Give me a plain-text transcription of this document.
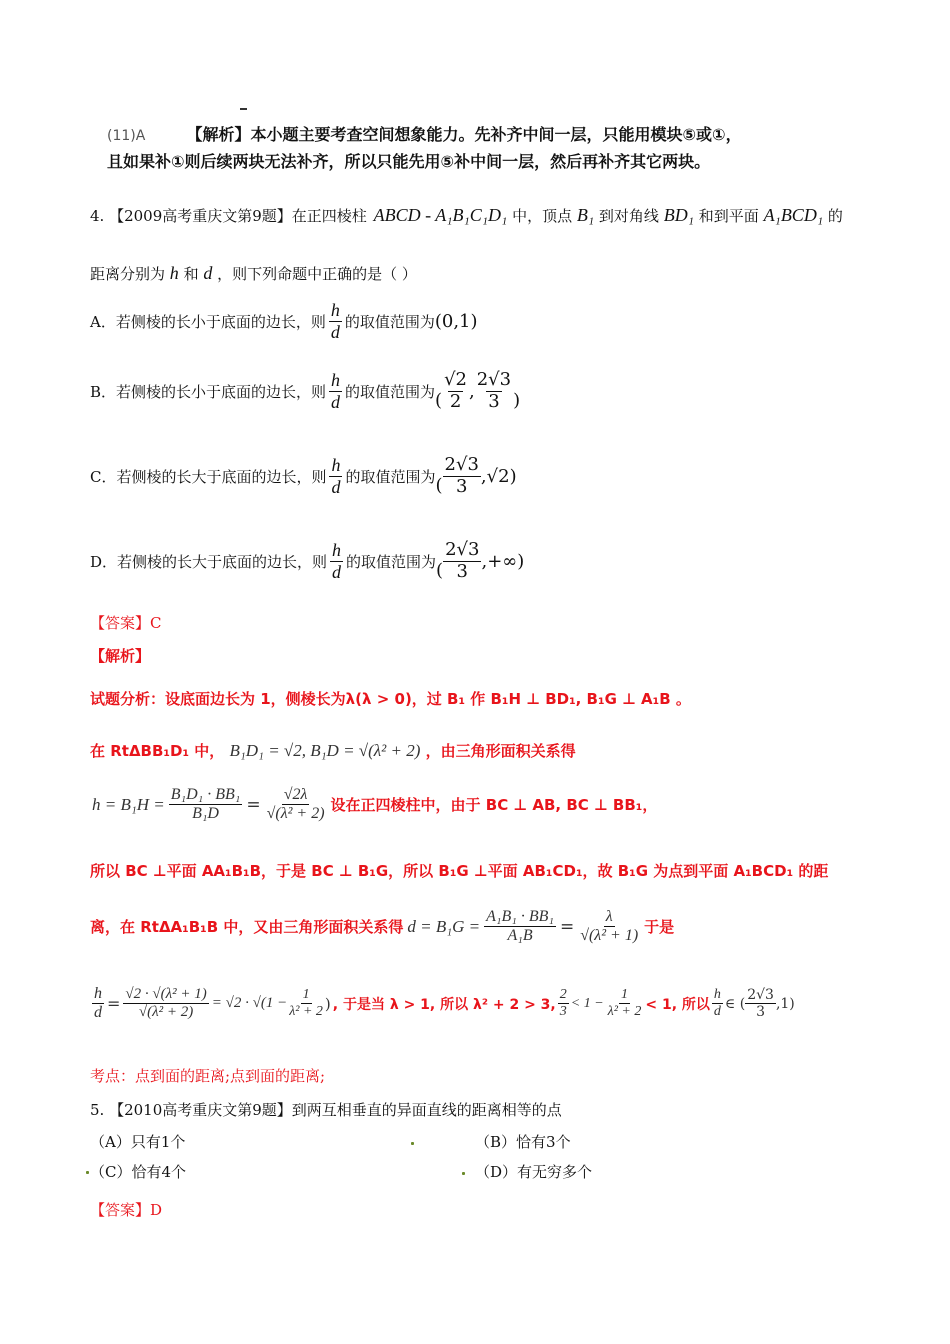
(11)A	【解析】本小题主要考查空间想象能力。先补齐中间一层，只能用模块⑤或①，
且如果补①则后续两块无法补齐，所以只能先用⑤补中间一层，然后再补齐其它两块。
4. 【2009高考重庆文第9题】在正四棱柱 ABCD - A₁B₁C₁D₁ 中，顶点 B₁ 到对角线 BD₁ 和到平面 A₁BCD₁ 的
距离分别为 h 和 d ，则下列命题中正确的是（ ）
A．若侧棱的长小于底面的边长，则 $\frac{h}{d}$ 的取值范围为 (0,1)
B．若侧棱的长小于底面的边长，则 $\frac{h}{d}$ 的取值范围为 ( $\frac{√2}{2}$ , $\frac{2√3}{3}$ )
C．若侧棱的长大于底面的边长，则 $\frac{h}{d}$ 的取值范围为 ( $\frac{2√3}{3}$ , √2)
D．若侧棱的长大于底面的边长，则 $\frac{h}{d}$ 的取值范围为 ( $\frac{2√3}{3}$ , +∞)
【答案】C
【解析】
试题分析：设底面边长为 1，侧棱长为λ(λ > 0)，过 B₁ 作 B₁H ⊥ BD₁, B₁G ⊥ A₁B 。
在 RtΔBB₁D₁ 中， B₁D₁ = √2, B₁D = √(λ² + 2) ，由三角形面积关系得
$h = B_1H = \frac{\text{B₁D₁ · BB₁}}{\text{B₁D}} = \frac{√2\lambda}{\text{√(λ² + 2)}}$ 设在正四棱柱中，由于 BC ⊥ AB, BC ⊥ BB₁，
所以 BC ⊥平面 AA₁B₁B，于是 BC ⊥ B₁G，所以 B₁G ⊥平面 AB₁CD₁，故 B₁G 为点到平面 A₁BCD₁ 的距
离，在 RtΔA₁B₁B 中，又由三角形面积关系得 $d = B_1G = \frac{\text{A₁B₁ · BB₁}}{\text{A₁B}} = \frac{\lambda}{\text{√(λ² + 1)}}$ 于是
$\frac{h}{d} = \frac{\text{√2 · √(λ² + 1)}}{\text{√(λ² + 2)}} = √2 \cdot √(1 - \frac{1}{\text{λ² + 2}}$ ) , 于是当 λ > 1, 所以 λ² + 2 > 3, $\frac{2}{3} < 1 - \frac{1}{\text{λ² + 2}} < 1$, 所以 $\frac{h}{d}$ ∈ ( $\frac{2√3}{3} ,1$)
考点：点到面的距离;点到面的距离;
5. 【2010高考重庆文第9题】到两互相垂直的异面直线的距离相等的点
（A）只有1个	（B）恰有3个
（C）恰有4个	（D）有无穷多个
【答案】D
